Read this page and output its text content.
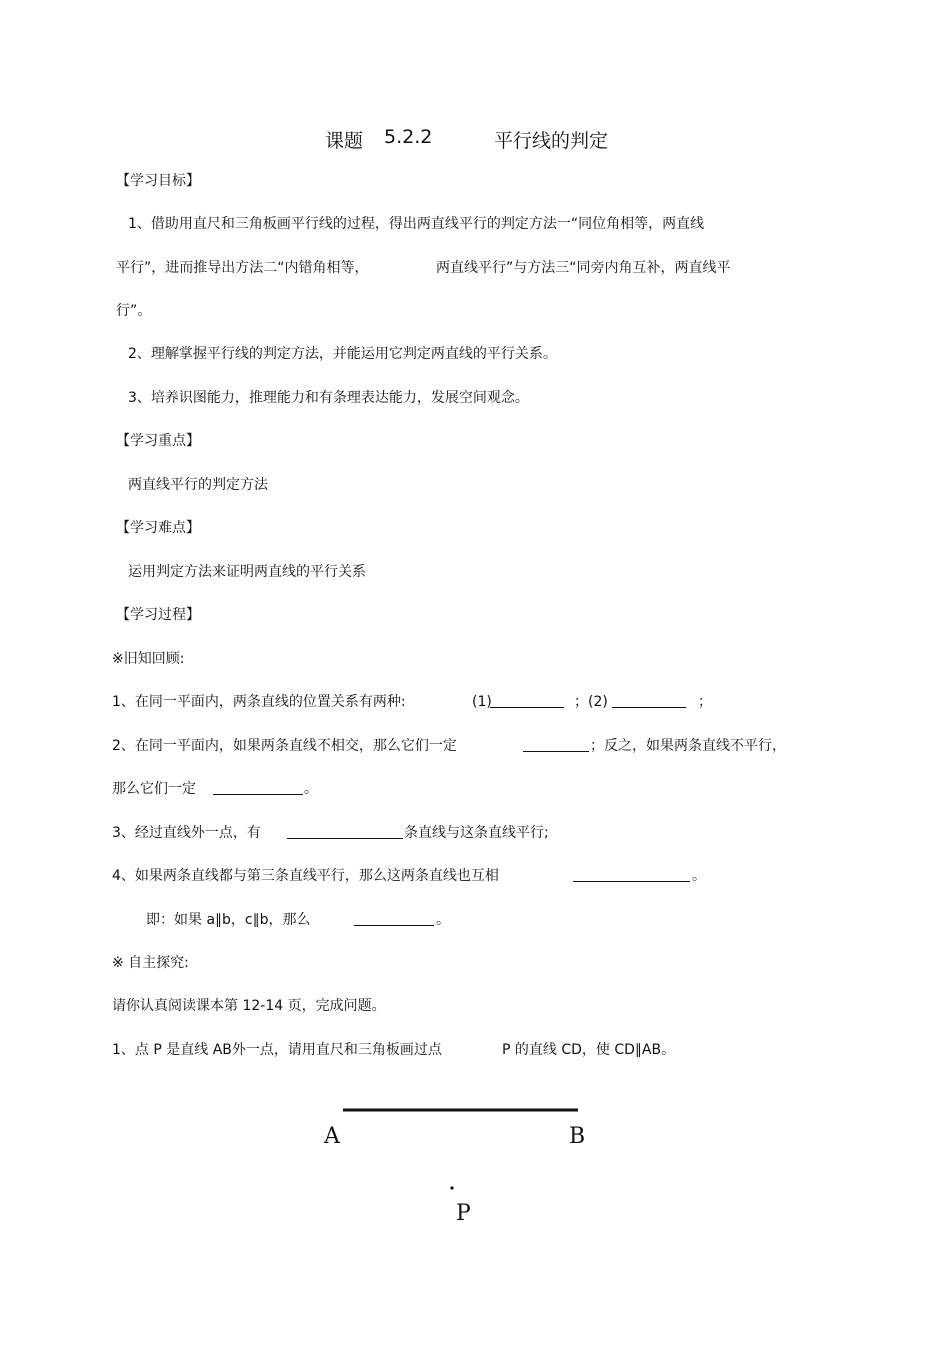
课题 5.2.2	平行线的判定
【学习目标】
1、借助用直尺和三角板画平行线的过程，得出两直线平行的判定方法一“同位角相等，两直线
平行”，进而推导出方法二“内错角相等，	两直线平行”与方法三“同旁内角互补，两直线平
行”。
2、理解掌握平行线的判定方法，并能运用它判定两直线的平行关系。
3、培养识图能力，推理能力和有条理表达能力，发展空间观念。
【学习重点】
两直线平行的判定方法
【学习难点】
运用判定方法来证明两直线的平行关系
【学习过程】
※旧知回顾:
1、在同一平面内，两条直线的位置关系有两种:	(1)	；(2)	；
2、在同一平面内，如果两条直线不相交，那么它们一定	；反之，如果两条直线不平行，
那么它们一定	。
3、经过直线外一点，有	条直线与这条直线平行;
4、如果两条直线都与第三条直线平行，那么这两条直线也互相	。
即：如果 a∥b，c∥b，那么	。
※ 自主探究:
请你认真阅读课本第 12-14 页，完成问题。
1、点 P 是直线 AB外一点，请用直尺和三角板画过点	P 的直线 CD，使 CD∥AB。
A	B
P
